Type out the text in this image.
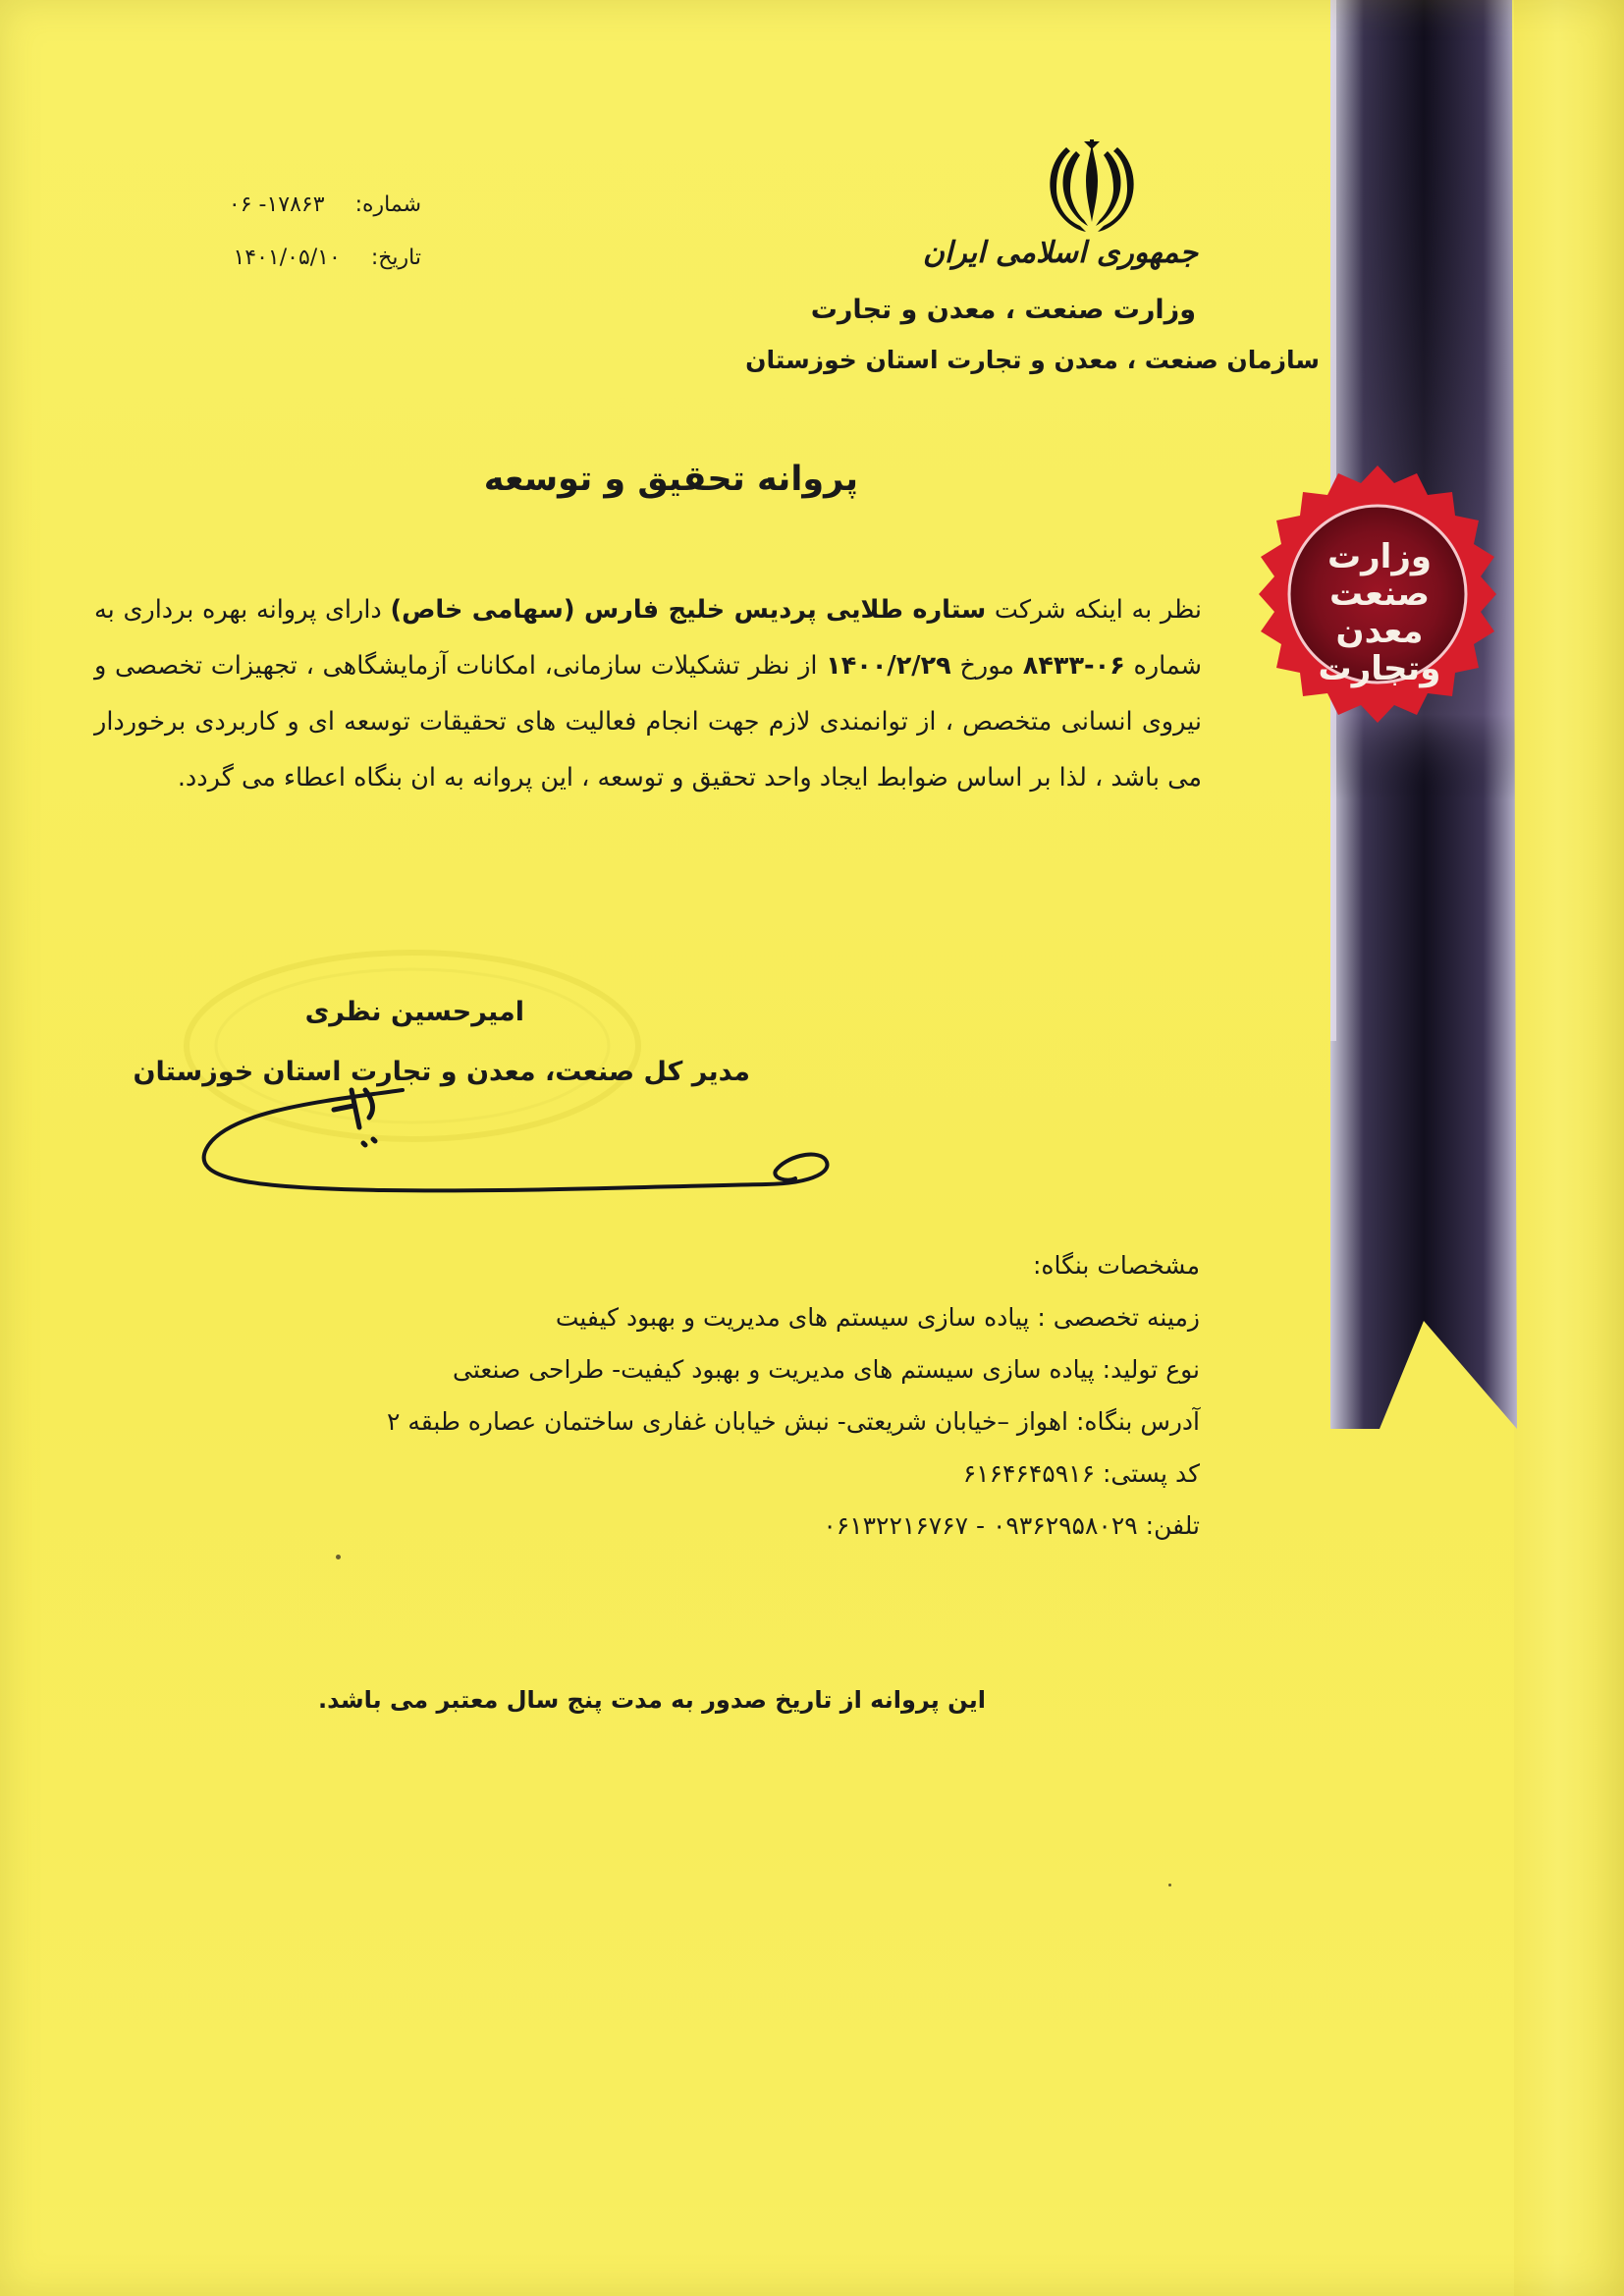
وزارت
صنعت
معدن
وتجارت
جمهوری اسلامی ایران
وزارت صنعت ، معدن و تجارت
سازمان صنعت ، معدن و تجارت استان خوزستان
شماره: ۱۷۸۶۳- ۰۶
تاریخ: ۱۴۰۱/۰۵/۱۰
پروانه تحقیق و توسعه
نظر به اینکه شرکت ستاره طلایی پردیس خلیج فارس (سهامی خاص) دارای پروانه بهره برداری به شماره ۰۶-۸۴۳۳ مورخ ۱۴۰۰/۲/۲۹ از نظر تشکیلات سازمانی، امکانات آزمایشگاهی ، تجهیزات تخصصی و نیروی انسانی متخصص ، از توانمندی لازم جهت انجام فعالیت های تحقیقات توسعه ای و کاربردی برخوردار می باشد ، لذا بر اساس ضوابط ایجاد واحد تحقیق و توسعه ، این پروانه به ان بنگاه اعطاء می گردد.
امیرحسین نظری
مدیر کل صنعت، معدن و تجارت استان خوزستان
مشخصات بنگاه:
زمینه تخصصی : پیاده سازی سیستم های مدیریت و بهبود کیفیت
نوع تولید: پیاده سازی سیستم های مدیریت و بهبود کیفیت- طراحی صنعتی
آدرس بنگاه: اهواز –خیابان شریعتی- نبش خیابان غفاری ساختمان عصاره طبقه ۲
کد پستی: ۶۱۶۴۶۴۵۹۱۶
تلفن: ۰۹۳۶۲۹۵۸۰۲۹ - ۰۶۱۳۲۲۱۶۷۶۷
این پروانه از تاریخ صدور به مدت پنج سال معتبر می باشد.
